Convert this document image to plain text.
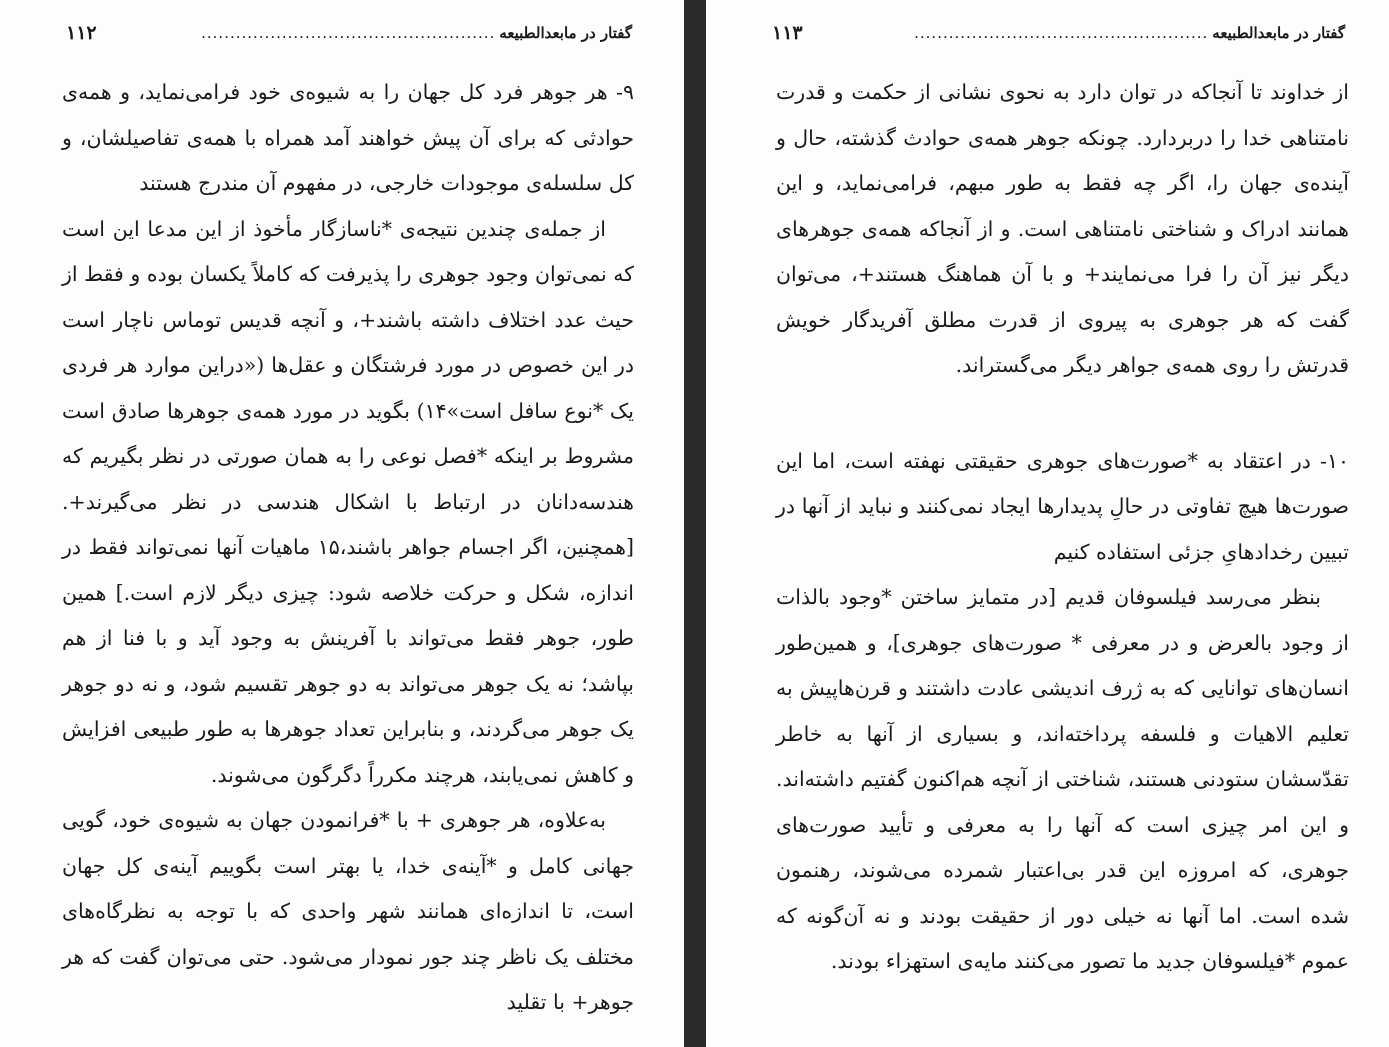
گفتار در مابعدالطبیعه
...................................................
۱۱۲

۹- هر جوهر فرد کل جهان را به شیوه‌ی خود فرامی‌نماید، و همه‌ی حوادثی که برای آن پیش خواهند آمد همراه با همه‌ی تفاصیلشان، و کل سلسله‌ی موجودات خارجی، در مفهوم آن مندرج هستند

از جمله‌ی چندین نتیجه‌ی *ناسازگار مأخوذ از این مدعا این است که نمی‌توان وجود جوهری را پذیرفت که کاملاً یکسان بوده و فقط از حیث عدد اختلاف داشته باشند+، و آنچه قدیس توماس ناچار است در این خصوص در مورد فرشتگان و عقل‌ها («دراین موارد هر فردی یک *نوع سافل است»۱۴) بگوید در مورد همه‌ی جوهرها صادق است مشروط بر اینکه *فصل نوعی را به همان صورتی در نظر بگیریم که هندسه‌دانان در ارتباط با اشکال هندسی در نظر می‌گیرند+. [همچنین، اگر اجسام جواهر باشند،۱۵ ماهیات آنها نمی‌تواند فقط در اندازه، شکل و حرکت خلاصه شود: چیزی دیگر لازم است.] همین طور، جوهر فقط می‌تواند با آفرینش به وجود آید و با فنا از هم بپاشد؛ نه یک جوهر می‌تواند به دو جوهر تقسیم شود، و نه دو جوهر یک جوهر می‌گردند، و بنابراین تعداد جوهرها به طور طبیعی افزایش و کاهش نمی‌یابند، هرچند مکرراً دگرگون می‌شوند.

به‌علاوه، هر جوهری + با *فرانمودن جهان به شیوه‌ی خود، گویی جهانی کامل و *آینه‌ی خدا، یا بهتر است بگوییم آینه‌ی کل جهان است، تا اندازه‌ای همانند شهر واحدی که با توجه به نظرگاه‌های مختلف یک ناظر چند جور نمودار می‌شود. حتی می‌توان گفت که هر جوهر+ با تقلید

گفتار در مابعدالطبیعه
...................................................
۱۱۳

از خداوند تا آنجاکه در توان دارد به نحوی نشانی از حکمت و قدرت نامتناهی خدا را دربردارد. چونکه جوهر همه‌ی حوادث گذشته، حال و آینده‌ی جهان را، اگر چه فقط به طور مبهم، فرامی‌نماید، و این همانند ادراک و شناختی نامتناهی است. و از آنجاکه همه‌ی جوهرهای دیگر نیز آن را فرا می‌نمایند+ و با آن هماهنگ هستند+، می‌توان گفت که هر جوهری به پیروی از قدرت مطلق آفریدگار خویش قدرتش را روی همه‌ی جواهر دیگر می‌گستراند.

۱۰- در اعتقاد به *صورت‌های جوهری حقیقتی نهفته است، اما این صورت‌ها هیچ تفاوتی در حالِ پدیدارها ایجاد نمی‌کنند و نباید از آنها در تبیین رخدادهایِ جزئی استفاده کنیم

بنظر می‌رسد فیلسوفان قدیم [در متمایز ساختن *وجود بالذات از وجود بالعرض و در معرفی * صورت‌های جوهری]، و همین‌طور انسان‌های توانایی که به ژرف اندیشی عادت داشتند و قرن‌هاپیش به تعلیم الاهیات و فلسفه پرداخته‌اند، و بسیاری از آنها به خاطر تقدّسشان ستودنی هستند، شناختی از آنچه هم‌اکنون گفتیم داشته‌اند. و این امر چیزی است که آنها را به معرفی و تأیید صورت‌های جوهری، که امروزه این قدر بی‌اعتبار شمرده می‌شوند، رهنمون شده است. اما آنها نه خیلی دور از حقیقت بودند و نه آن‌گونه که عموم *فیلسوفان جدید ما تصور می‌کنند مایه‌ی استهزاء بودند.
